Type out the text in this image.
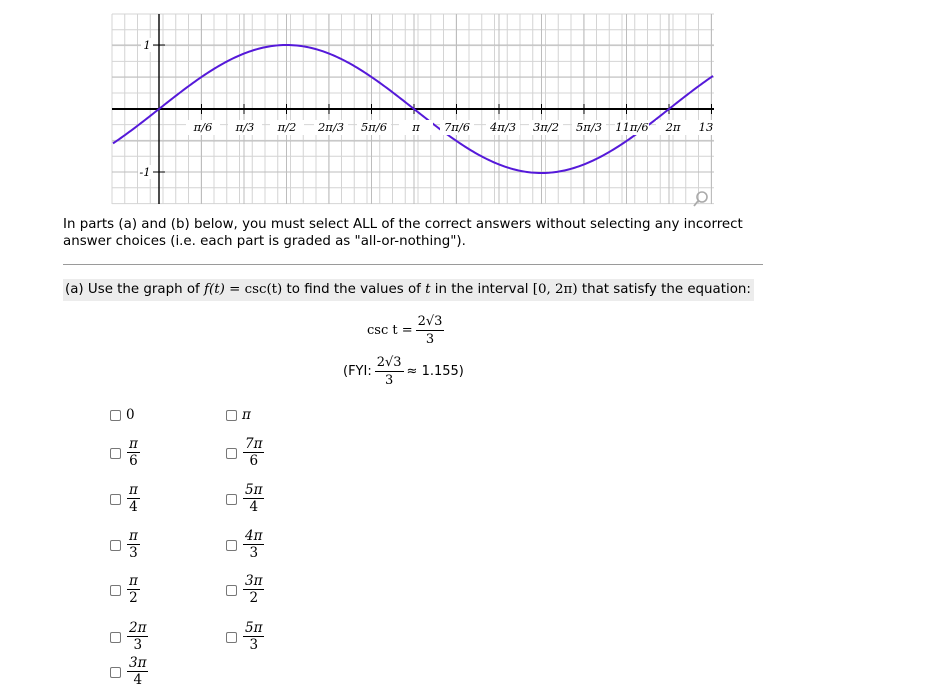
1
-1
π/6 π/3 π/2 2π/3 5π/6 π 7π/6 4π/3 3π/2 5π/3 11π/6 2π 13
In parts (a) and (b) below, you must select ALL of the correct answers without selecting any incorrect answer choices (i.e. each part is graded as "all-or-nothing").
(a) Use the graph of f(t) = csc(t) to find the values of t in the interval [0, 2π) that satisfy the equation:
$\csc t = \frac{2√3}{3}$
(FYI: $\frac{2√3}{3} \approx 1.155$)
0
$\frac{\pi}{6}$
$\frac{\pi}{4}$
$\frac{\pi}{3}$
$\frac{\pi}{2}$
$\frac{2\pi}{3}$
$\frac{3\pi}{4}$
π
$\frac{7\pi}{6}$
$\frac{5\pi}{4}$
$\frac{4\pi}{3}$
$\frac{3\pi}{2}$
$\frac{5\pi}{3}$
